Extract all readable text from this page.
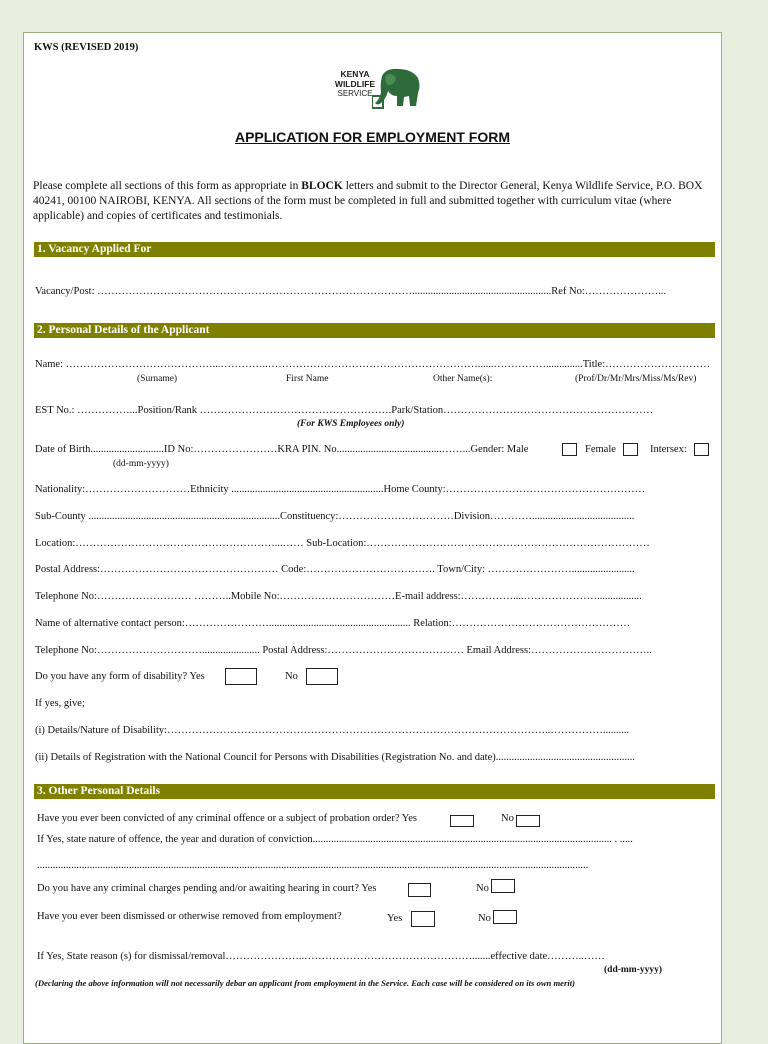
KWS (REVISED 2019)
KENYA
WILDLIFE
SERVICE
APPLICATION FOR EMPLOYMENT FORM
Please complete all sections of this form as appropriate in BLOCK letters and submit to the Director General, Kenya Wildlife Service, P.O. BOX 40241, 00100 NAIROBI, KENYA. All sections of the form must be completed in full and submitted together with curriculum vitae (where applicable) and copies of certificates and testimonials.
1. Vacancy Applied For
Vacancy/Post: ……………………………………………………………………………….....................................................Ref No:…………………...
2. Personal Details of the Applicant
Name: ……………………………………...…………..……………………………………………………......……………..............Title:…………………………
(Surname)	First Name	Other Name(s):	(Prof/Dr/Mr/Mrs/Miss/Ms/Rev)
EST No.: ……………...Position/Rank ……………………………………………….Park/Station……………………………………………………
(For KWS Employees only)
Date of Birth............................ID No:……………………KRA PIN. No........................................……...Gender: Male	Female	Intersex:
(dd-mm-yyyy)
Nationality:…………………………Ethnicity ..........................................................Home County:…………………………………………………
Sub-County .........................................................................Constituency:……………………………Division………….......................................
Location:…………………………………………………...…… Sub-Location:………………………………………………………………………
Postal Address:…………………………………………… Code:………………………………. Town/City: ……………………........................
Telephone No:……………………… ………..Mobile No:……………………………E-mail address:……………....………………….................
Name of alternative contact person:……………………...................................................... Relation:……………………………………………
Telephone No:…………………………...................... Postal Address:………………………………… Email Address:……………………………..
Do you have any form of disability? Yes	No
If yes, give;
(i) Details/Nature of Disability:………………………………………………………………………………………………..……………..........
(ii) Details of Registration with the National Council for Persons with Disabilities (Registration No. and date).....................................................
3. Other Personal Details
Have you ever been convicted of any criminal offence or a subject of probation order? Yes	No
If Yes, state nature of offence, the year and duration of conviction.................................................................................................................. . .....
..................................................................................................................................................................................................................
Do you have any criminal charges pending and/or awaiting hearing in court? Yes	No
Have you ever been dismissed or otherwise removed from employment?	Yes	No
If Yes, State reason (s) for dismissal/removal…………………..………………………………………….......effective date………..……
(dd-mm-yyyy)
(Declaring the above information will not necessarily debar an applicant from employment in the Service. Each case will be considered on its own merit)
